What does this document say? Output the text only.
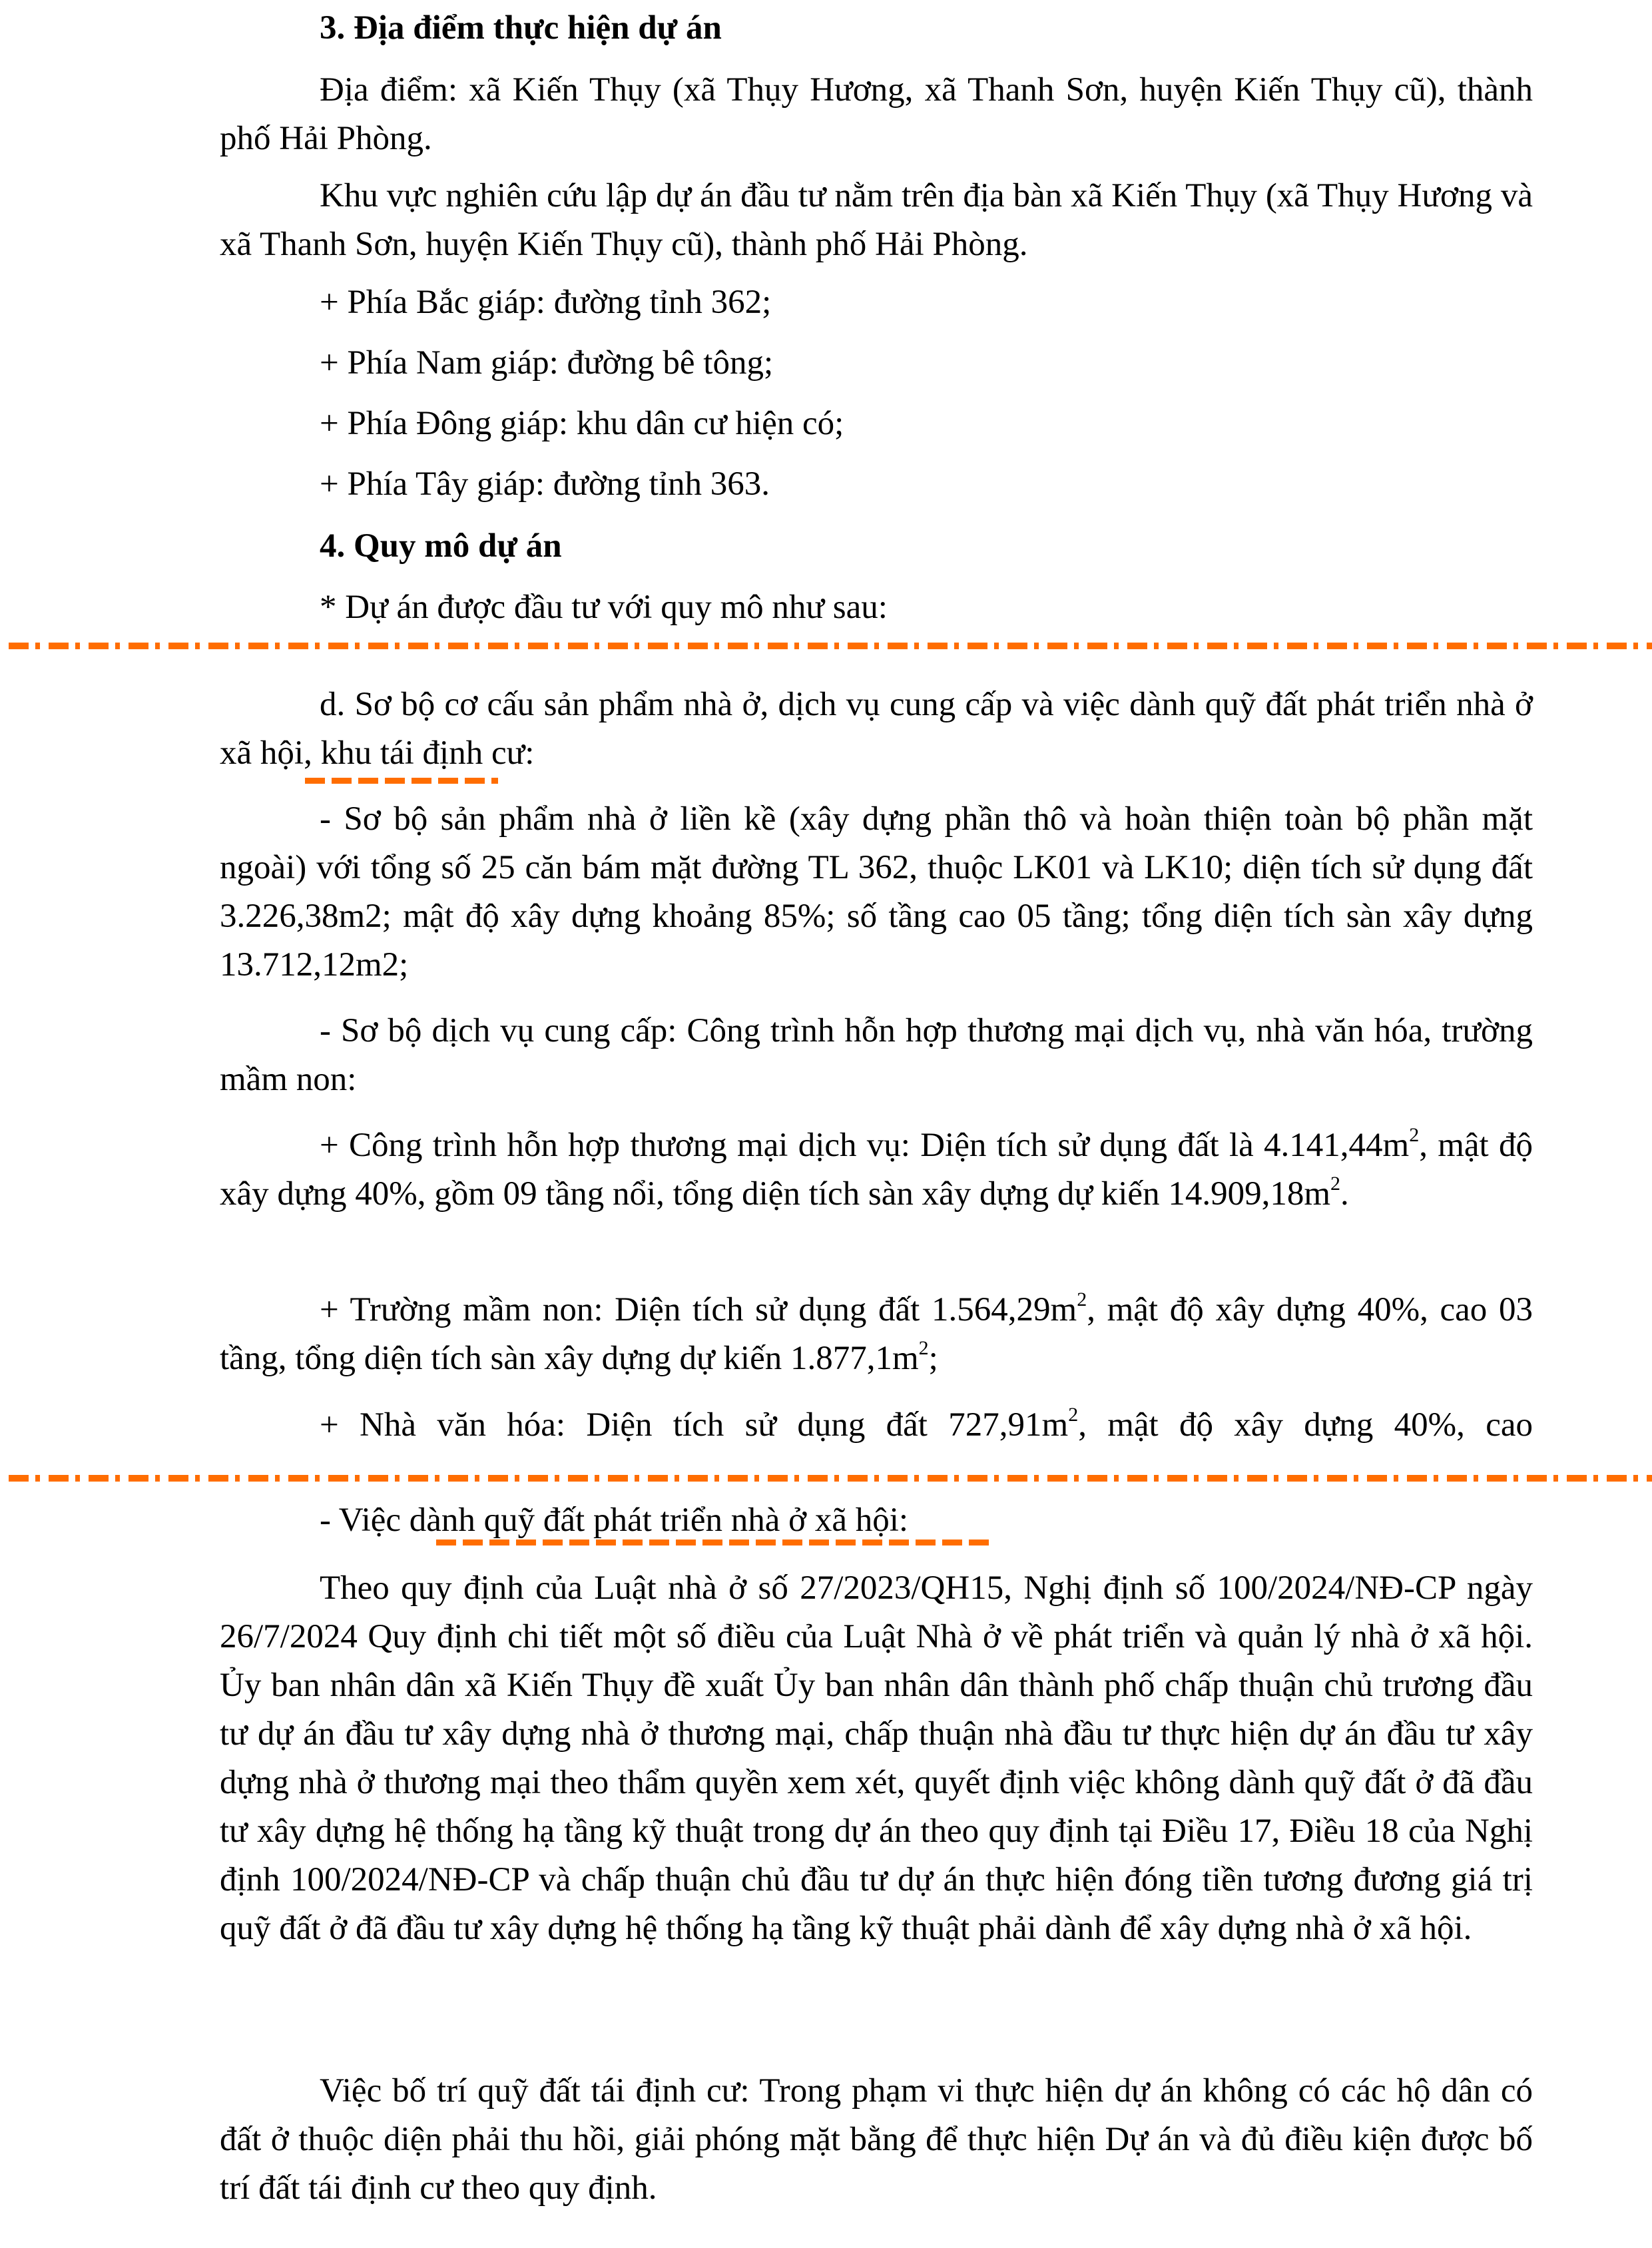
3. Địa điểm thực hiện dự án

Địa điểm: xã Kiến Thụy (xã Thụy Hương, xã Thanh Sơn, huyện Kiến Thụy cũ), thành phố Hải Phòng.

Khu vực nghiên cứu lập dự án đầu tư nằm trên địa bàn xã Kiến Thụy (xã Thụy Hương và xã Thanh Sơn, huyện Kiến Thụy cũ), thành phố Hải Phòng.

+ Phía Bắc giáp: đường tỉnh 362;

+ Phía Nam giáp: đường bê tông;

+ Phía Đông giáp: khu dân cư hiện có;

+ Phía Tây giáp: đường tỉnh 363.

4. Quy mô dự án

* Dự án được đầu tư với quy mô như sau:

d. Sơ bộ cơ cấu sản phẩm nhà ở, dịch vụ cung cấp và việc dành quỹ đất phát triển nhà ở xã hội, khu tái định cư:

- Sơ bộ sản phẩm nhà ở liền kề (xây dựng phần thô và hoàn thiện toàn bộ phần mặt ngoài) với tổng số 25 căn bám mặt đường TL 362, thuộc LK01 và LK10; diện tích sử dụng đất 3.226,38m2; mật độ xây dựng khoảng 85%; số tầng cao 05 tầng; tổng diện tích sàn xây dựng 13.712,12m2;

- Sơ bộ dịch vụ cung cấp: Công trình hỗn hợp thương mại dịch vụ, nhà văn hóa, trường mầm non:

+ Công trình hỗn hợp thương mại dịch vụ: Diện tích sử dụng đất là $4.141,44m^2$, mật độ xây dựng 40%, gồm 09 tầng nổi, tổng diện tích sàn xây dựng dự kiến $14.909,18m^2$.

+ Trường mầm non: Diện tích sử dụng đất $1.564,29m^2$, mật độ xây dựng 40%, cao 03 tầng, tổng diện tích sàn xây dựng dự kiến $1.877,1m^2$;

+ Nhà văn hóa: Diện tích sử dụng đất $727,91m^2$, mật độ xây dựng 40%, cao

- Việc dành quỹ đất phát triển nhà ở xã hội:

Theo quy định của Luật nhà ở số 27/2023/QH15, Nghị định số 100/2024/NĐ-CP ngày 26/7/2024 Quy định chi tiết một số điều của Luật Nhà ở về phát triển và quản lý nhà ở xã hội. Ủy ban nhân dân xã Kiến Thụy đề xuất Ủy ban nhân dân thành phố chấp thuận chủ trương đầu tư dự án đầu tư xây dựng nhà ở thương mại, chấp thuận nhà đầu tư thực hiện dự án đầu tư xây dựng nhà ở thương mại theo thẩm quyền xem xét, quyết định việc không dành quỹ đất ở đã đầu tư xây dựng hệ thống hạ tầng kỹ thuật trong dự án theo quy định tại Điều 17, Điều 18 của Nghị định 100/2024/NĐ-CP và chấp thuận chủ đầu tư dự án thực hiện đóng tiền tương đương giá trị quỹ đất ở đã đầu tư xây dựng hệ thống hạ tầng kỹ thuật phải dành để xây dựng nhà ở xã hội.

Việc bố trí quỹ đất tái định cư: Trong phạm vi thực hiện dự án không có các hộ dân có đất ở thuộc diện phải thu hồi, giải phóng mặt bằng để thực hiện Dự án và đủ điều kiện được bố trí đất tái định cư theo quy định.
